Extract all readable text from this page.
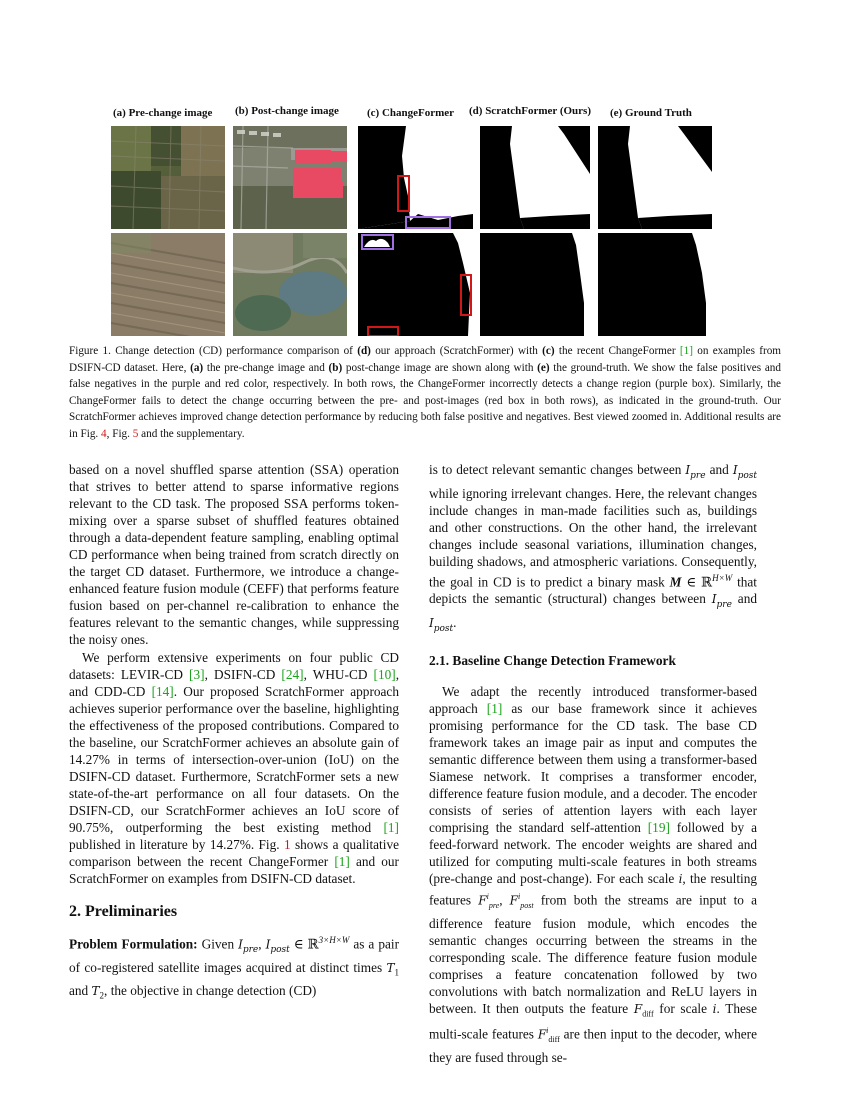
(a) Pre-change image (b) Post-change image	(c) ChangeFormer (d) ScratchFormer (Ours) (e) Ground Truth
Figure 1. Change detection (CD) performance comparison of (d) our approach (ScratchFormer) with (c) the recent ChangeFormer [1] on examples from DSIFN-CD dataset. Here, (a) the pre-change image and (b) post-change image are shown along with (e) the ground-truth. We show the false positives and false negatives in the purple and red color, respectively. In both rows, the ChangeFormer incorrectly detects a change region (purple box). Similarly, the ChangeFormer fails to detect the change occurring between the pre- and post-images (red box in both rows), as indicated in the ground-truth. Our ScratchFormer achieves improved change detection performance by reducing both false positive and negatives. Best viewed zoomed in. Additional results are in Fig. 4, Fig. 5 and the supplementary.

based on a novel shuffled sparse attention (SSA) operation that strives to better attend to sparse informative regions relevant to the CD task. The proposed SSA performs token-mixing over a sparse subset of shuffled features obtained through a data-dependent feature sampling, enabling optimal CD performance when being trained from scratch directly on the target CD dataset. Furthermore, we introduce a change-enhanced feature fusion module (CEFF) that performs feature fusion based on per-channel re-calibration to enhance the features relevant to the semantic changes, while suppressing the noisy ones.

We perform extensive experiments on four public CD datasets: LEVIR-CD [3], DSIFN-CD [24], WHU-CD [10], and CDD-CD [14]. Our proposed ScratchFormer approach achieves superior performance over the baseline, highlighting the effectiveness of the proposed contributions. Compared to the baseline, our ScratchFormer achieves an absolute gain of 14.27% in terms of intersection-over-union (IoU) on the DSIFN-CD dataset. Furthermore, ScratchFormer sets a new state-of-the-art performance on all four datasets. On the DSIFN-CD, our ScratchFormer achieves an IoU score of 90.75%, outperforming the best existing method [1] published in literature by 14.27%. Fig. 1 shows a qualitative comparison between the recent ChangeFormer [1] and our ScratchFormer on examples from DSIFN-CD dataset.

2. Preliminaries

Problem Formulation: Given $I_{pre}$, $I_{post}$ ∈ ℝ$^{3\times H\times W}$ as a pair of co-registered satellite images acquired at distinct times $T_1$ and $T_2$, the objective in change detection (CD)

is to detect relevant semantic changes between $I_{pre}$ and $I_{post}$ while ignoring irrelevant changes. Here, the relevant changes include changes in man-made facilities such as, buildings and other constructions. On the other hand, the irrelevant changes include seasonal variations, illumination changes, building shadows, and atmospheric variations. Consequently, the goal in CD is to predict a binary mask M ∈ ℝ$^{H\times W}$ that depicts the semantic (structural) changes between $I_{pre}$ and $I_{post}$.

2.1. Baseline Change Detection Framework

We adapt the recently introduced transformer-based approach [1] as our base framework since it achieves promising performance for the CD task. The base CD framework takes an image pair as input and computes the semantic difference between them using a transformer-based Siamese network. It comprises a transformer encoder, difference feature fusion module, and a decoder. The encoder consists of series of attention layers with each layer comprising the standard self-attention [19] followed by a feed-forward network. The encoder weights are shared and utilized for computing multi-scale features in both streams (pre-change and post-change). For each scale i, the resulting features $F^i_{pre}$, $F^i_{post}$ from both the streams are input to a difference feature fusion module, which encodes the semantic changes occurring between the streams in the corresponding scale. The difference feature fusion module comprises a feature concatenation followed by two convolutions with batch normalization and ReLU layers in between. It then outputs the feature $F_{diff}$ for scale i. These multi-scale features $F^i_{diff}$ are then input to the decoder, where they are fused through se-
